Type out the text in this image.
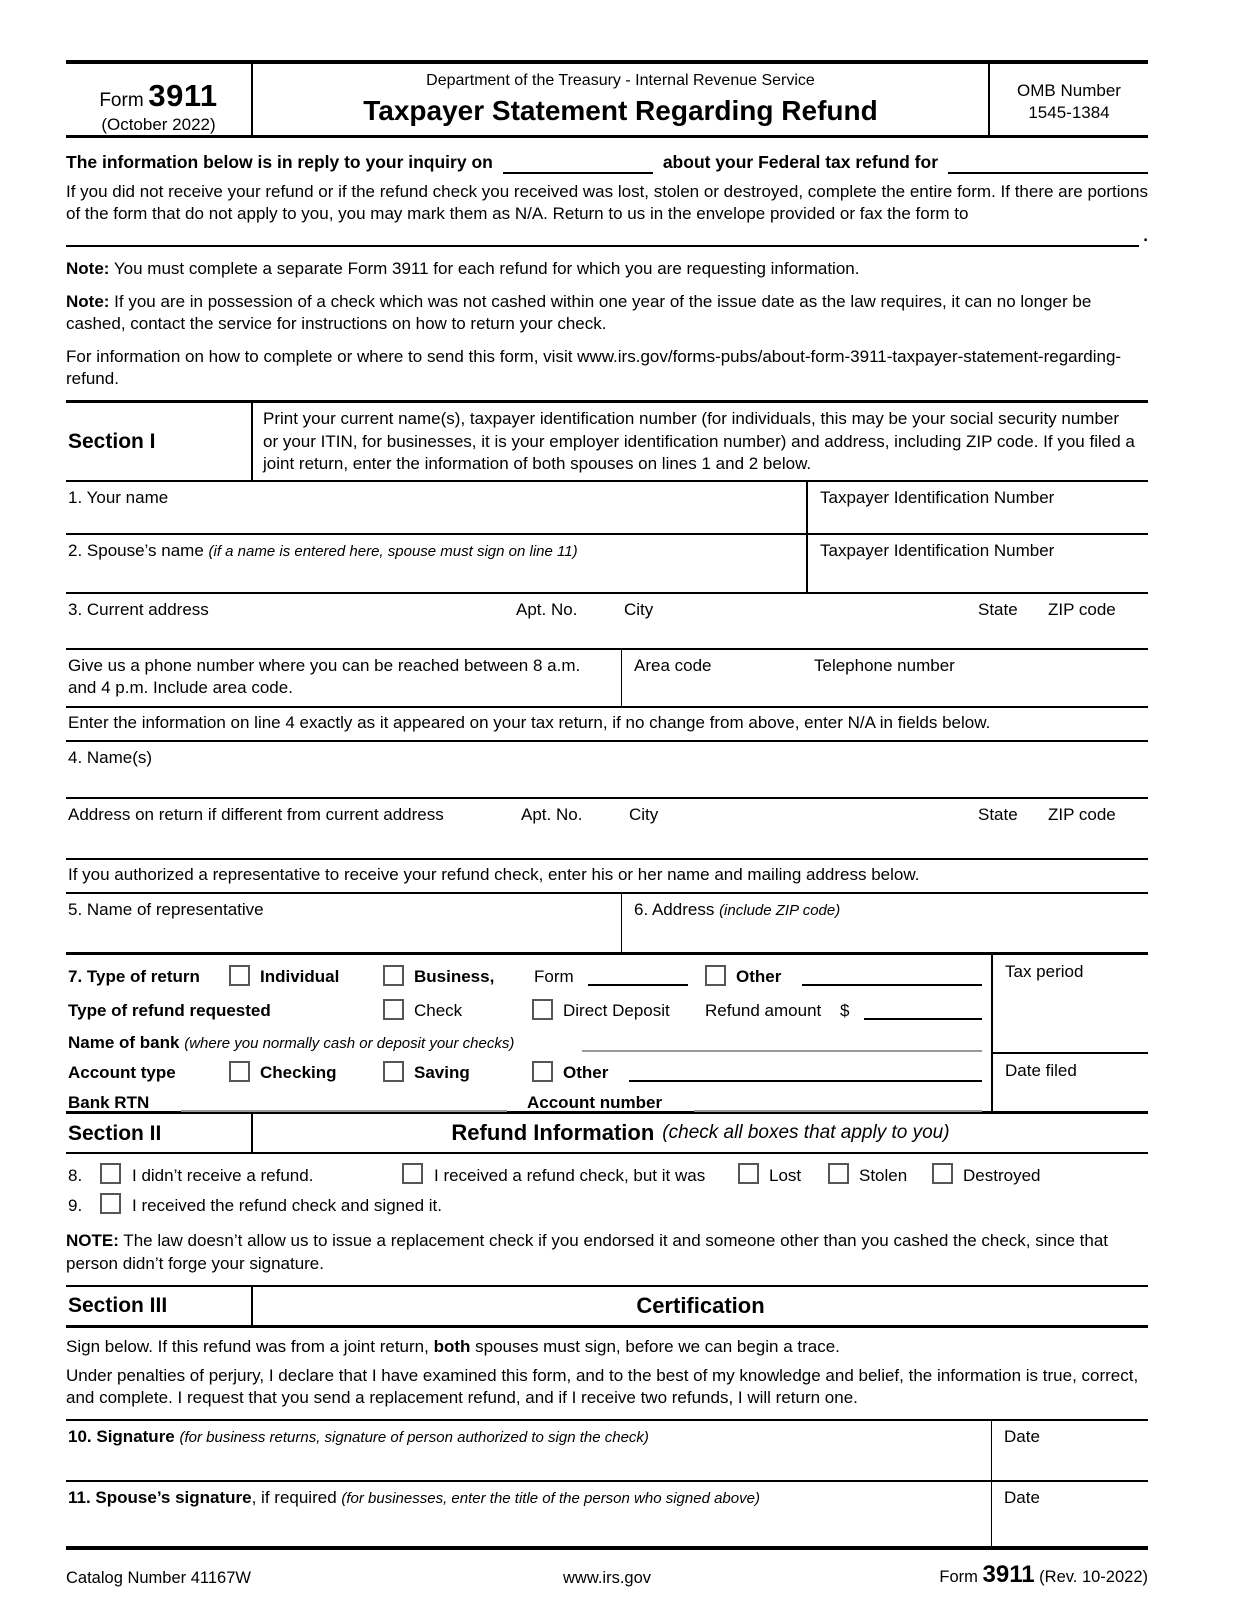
Form 3911
(October 2022)
Department of the Treasury - Internal Revenue Service
Taxpayer Statement Regarding Refund
OMB Number
1545-1384
The information below is in reply to your inquiry on	about your Federal tax refund for
If you did not receive your refund or if the refund check you received was lost, stolen or destroyed, complete the entire form. If there are portions of the form that do not apply to you, you may mark them as N/A. Return to us in the envelope provided or fax the form to
.
Note: You must complete a separate Form 3911 for each refund for which you are requesting information.
Note: If you are in possession of a check which was not cashed within one year of the issue date as the law requires, it can no longer be cashed, contact the service for instructions on how to return your check.
For information on how to complete or where to send this form, visit www.irs.gov/forms-pubs/about-form-3911-taxpayer-statement-regarding-refund.
Section I
Print your current name(s), taxpayer identification number (for individuals, this may be your social security number or your ITIN, for businesses, it is your employer identification number) and address, including ZIP code. If you filed a joint return, enter the information of both spouses on lines 1 and 2 below.
1. Your name	Taxpayer Identification Number
2. Spouse’s name (if a name is entered here, spouse must sign on line 11)	Taxpayer Identification Number
3. Current address	Apt. No.	City	State ZIP code
Give us a phone number where you can be reached between 8 a.m. and 4 p.m. Include area code.
Area code	Telephone number
Enter the information on line 4 exactly as it appeared on your tax return, if no change from above, enter N/A in fields below.
4. Name(s)
Address on return if different from current address	Apt. No.	City	State ZIP code
If you authorized a representative to receive your refund check, enter his or her name and mailing address below.
5. Name of representative	6. Address (include ZIP code)
7. Type of return	Individual	Business, Form	Other
Type of refund requested	Check	Direct Deposit Refund amount $
Name of bank (where you normally cash or deposit your checks)
Account type	Checking	Saving	Other
Bank RTN	Account number
Tax period
Date filed
Section II	Refund Information (check all boxes that apply to you)
8.	I didn’t receive a refund.	I received a refund check, but it was	Lost	Stolen	Destroyed
9.	I received the refund check and signed it.
NOTE: The law doesn’t allow us to issue a replacement check if you endorsed it and someone other than you cashed the check, since that person didn’t forge your signature.
Section III	Certification
Sign below. If this refund was from a joint return, both spouses must sign, before we can begin a trace.
Under penalties of perjury, I declare that I have examined this form, and to the best of my knowledge and belief, the information is true, correct, and complete. I request that you send a replacement refund, and if I receive two refunds, I will return one.
10. Signature (for business returns, signature of person authorized to sign the check)	Date
11. Spouse’s signature, if required (for businesses, enter the title of the person who signed above)	Date
Catalog Number 41167W	www.irs.gov	Form 3911 (Rev. 10-2022)
